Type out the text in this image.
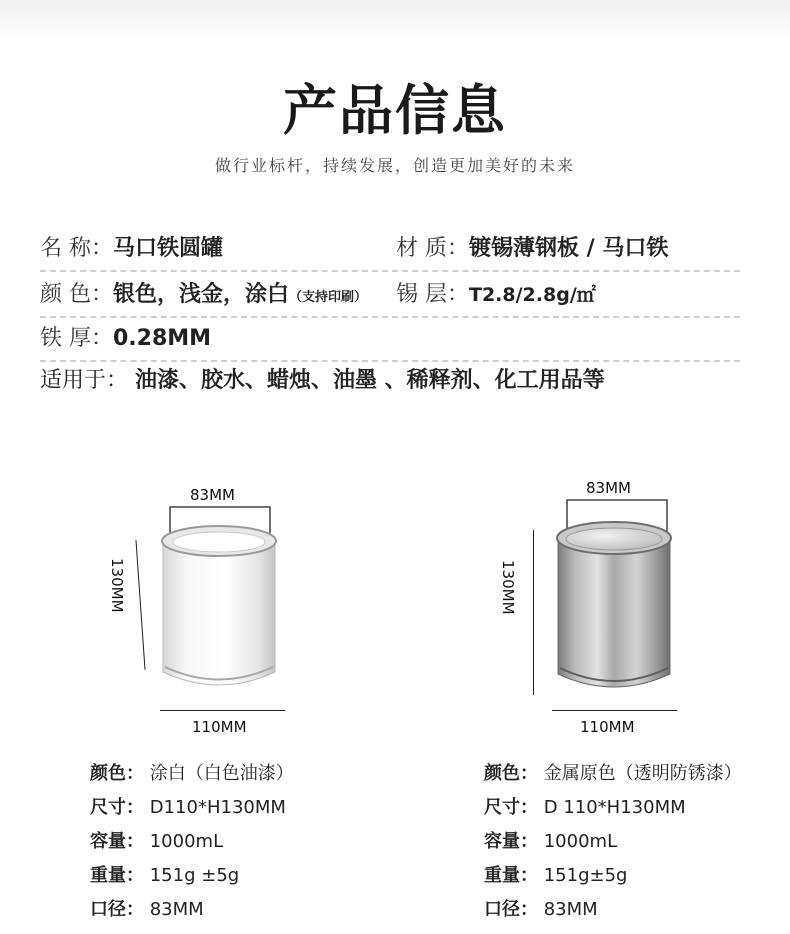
产品信息
做行业标杆，持续发展，创造更加美好的未来
名 称：马口铁圆罐	材 质：镀锡薄钢板 / 马口铁
颜 色：银色，浅金，涂白（支持印刷） 锡 层：T2.8/2.8g/㎡
铁 厚：0.28MM
适用于： 油漆、胶水、蜡烛、油墨 、稀释剂、化工用品等
83MM
130MM
110MM
颜色： 涂白（白色油漆）
尺寸： D110*H130MM
容量： 1000mL
重量： 151g ±5g
口径： 83MM
83MM
130MM
110MM
颜色： 金属原色（透明防锈漆）
尺寸： D 110*H130MM
容量： 1000mL
重量： 151g±5g
口径： 83MM
